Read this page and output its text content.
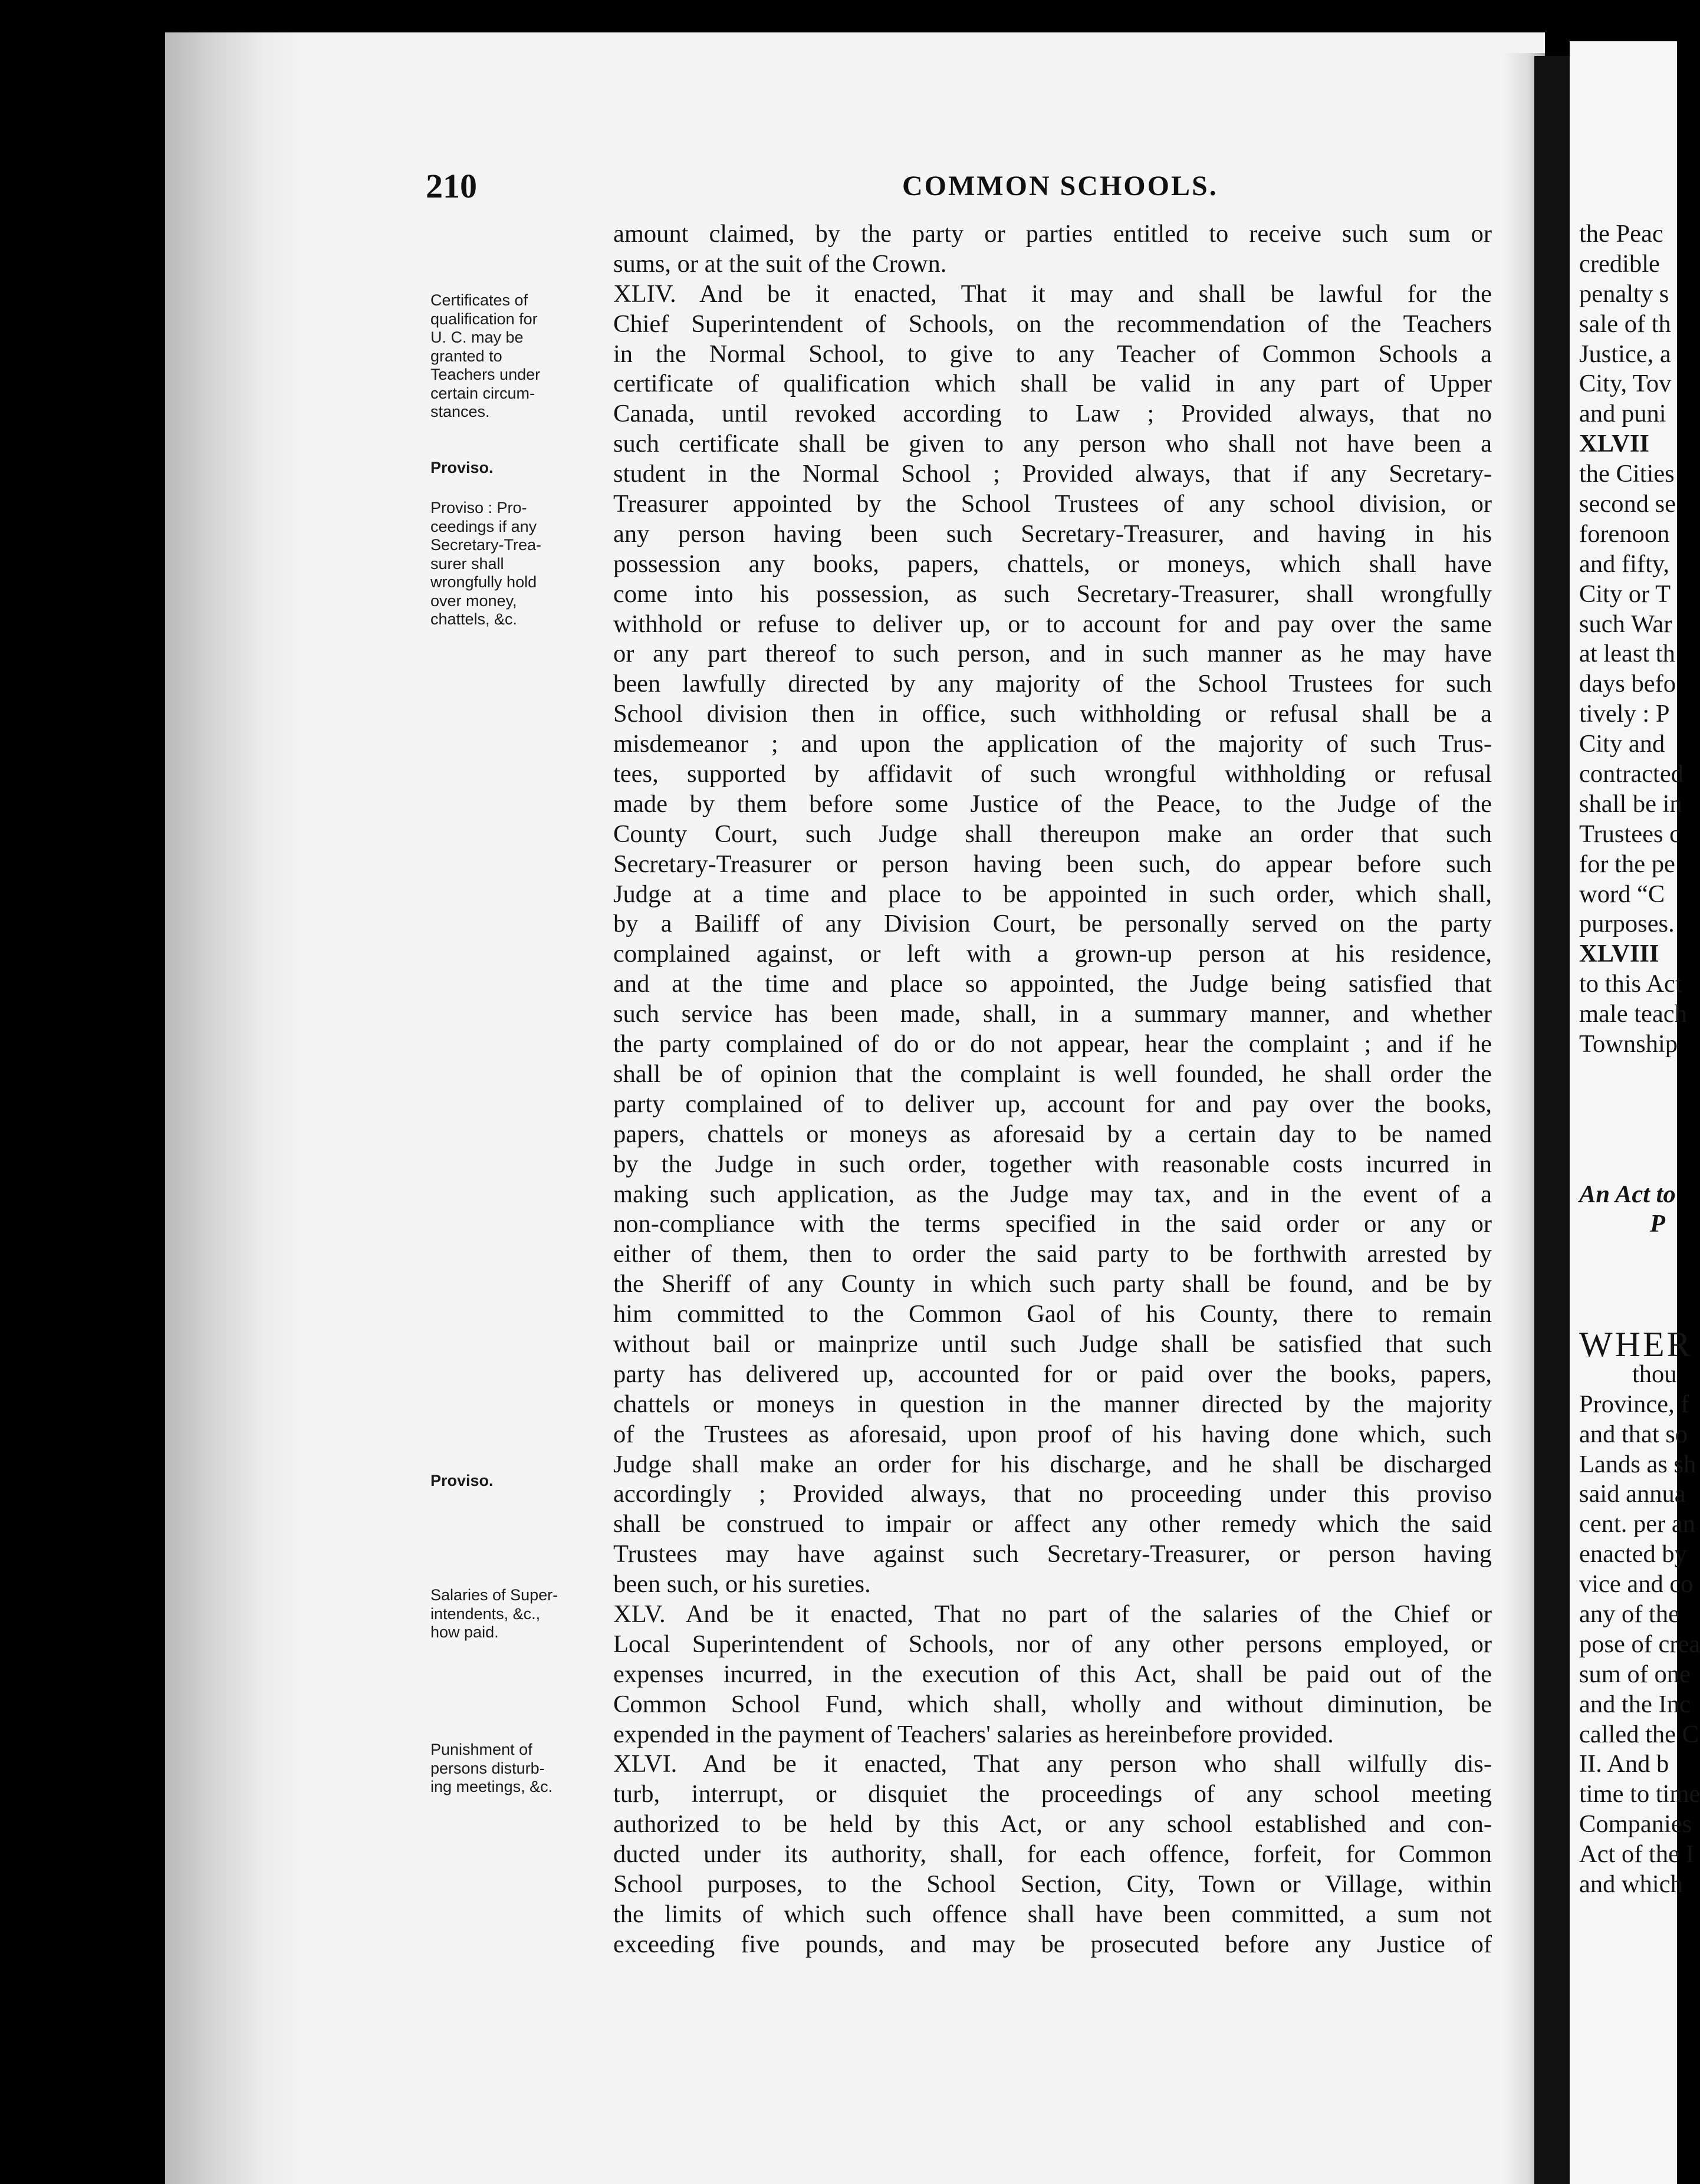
210	COMMON SCHOOLS.
Certificates of
qualification for
U. C. may be
granted to
Teachers under
certain circum-
stances.
Proviso.
Proviso : Pro-
ceedings if any
Secretary-Trea-
surer shall
wrongfully hold
over money,
chattels, &c.
Proviso.
Salaries of Super-
intendents, &c.,
how paid.
Punishment of
persons disturb-
ing meetings, &c.
amount claimed, by the party or parties entitled to receive such sum or
sums, or at the suit of the Crown.
XLIV. And be it enacted, That it may and shall be lawful for the
Chief Superintendent of Schools, on the recommendation of the Teachers
in the Normal School, to give to any Teacher of Common Schools a
certificate of qualification which shall be valid in any part of Upper
Canada, until revoked according to Law ; Provided always, that no
such certificate shall be given to any person who shall not have been a
student in the Normal School ; Provided always, that if any Secretary-
Treasurer appointed by the School Trustees of any school division, or
any person having been such Secretary-Treasurer, and having in his
possession any books, papers, chattels, or moneys, which shall have
come into his possession, as such Secretary-Treasurer, shall wrongfully
withhold or refuse to deliver up, or to account for and pay over the same
or any part thereof to such person, and in such manner as he may have
been lawfully directed by any majority of the School Trustees for such
School division then in office, such withholding or refusal shall be a
misdemeanor ; and upon the application of the majority of such Trus-
tees, supported by affidavit of such wrongful withholding or refusal
made by them before some Justice of the Peace, to the Judge of the
County Court, such Judge shall thereupon make an order that such
Secretary-Treasurer or person having been such, do appear before such
Judge at a time and place to be appointed in such order, which shall,
by a Bailiff of any Division Court, be personally served on the party
complained against, or left with a grown-up person at his residence,
and at the time and place so appointed, the Judge being satisfied that
such service has been made, shall, in a summary manner, and whether
the party complained of do or do not appear, hear the complaint ; and if he
shall be of opinion that the complaint is well founded, he shall order the
party complained of to deliver up, account for and pay over the books,
papers, chattels or moneys as aforesaid by a certain day to be named
by the Judge in such order, together with reasonable costs incurred in
making such application, as the Judge may tax, and in the event of a
non-compliance with the terms specified in the said order or any or
either of them, then to order the said party to be forthwith arrested by
the Sheriff of any County in which such party shall be found, and be by
him committed to the Common Gaol of his County, there to remain
without bail or mainprize until such Judge shall be satisfied that such
party has delivered up, accounted for or paid over the books, papers,
chattels or moneys in question in the manner directed by the majority
of the Trustees as aforesaid, upon proof of his having done which, such
Judge shall make an order for his discharge, and he shall be discharged
accordingly ; Provided always, that no proceeding under this proviso
shall be construed to impair or affect any other remedy which the said
Trustees may have against such Secretary-Treasurer, or person having
been such, or his sureties.
XLV. And be it enacted, That no part of the salaries of the Chief or
Local Superintendent of Schools, nor of any other persons employed, or
expenses incurred, in the execution of this Act, shall be paid out of the
Common School Fund, which shall, wholly and without diminution, be
expended in the payment of Teachers' salaries as hereinbefore provided.
XLVI. And be it enacted, That any person who shall wilfully dis-
turb, interrupt, or disquiet the proceedings of any school meeting
authorized to be held by this Act, or any school established and con-
ducted under its authority, shall, for each offence, forfeit, for Common
School purposes, to the School Section, City, Town or Village, within
the limits of which such offence shall have been committed, a sum not
exceeding five pounds, and may be prosecuted before any Justice of
the Peac
credible
penalty s
sale of th
Justice, a
City, Tov
and puni
XLVII
the Cities
second se
forenoon
and fifty,
City or T
such War
at least th
days befo
tively : P
City and
contracted
shall be in
Trustees c
for the pe
word “C
purposes.
XLVIII
to this Act
male teach
Township
An Act to
P
WHER
thou
Province, f
and that so
Lands as sh
said annua
cent. per an
enacted by
vice and co
any of the
pose of crea
sum of one
and the Inc
called the C
II. And b
time to time
Companies
Act of the I
and which
